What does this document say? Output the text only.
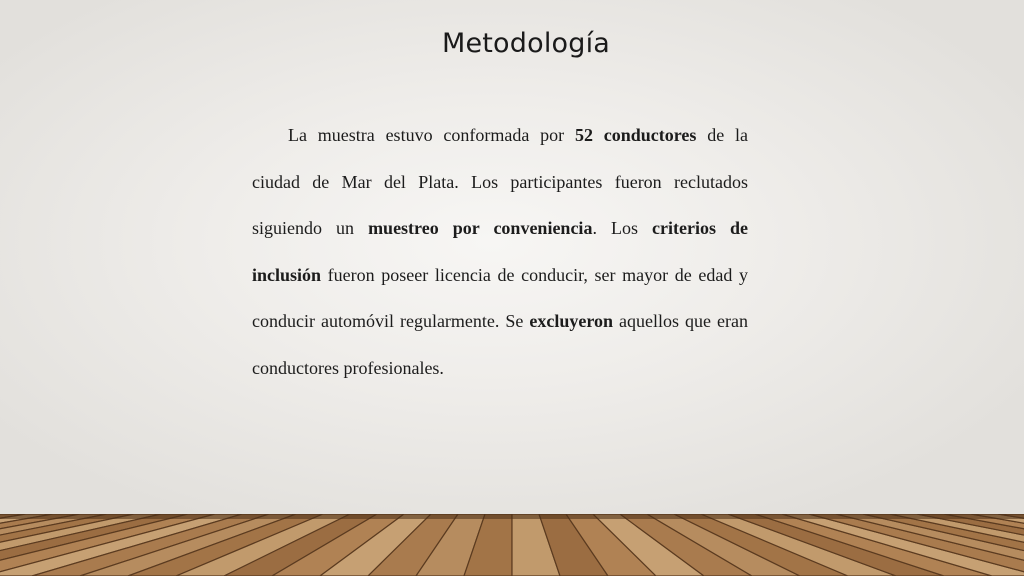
Metodología
La muestra estuvo conformada por 52 conductores de la ciudad de Mar del Plata. Los participantes fueron reclutados siguiendo un muestreo por conveniencia. Los criterios de inclusión fueron poseer licencia de conducir, ser mayor de edad y conducir automóvil regularmente. Se excluyeron aquellos que eran conductores profesionales.
